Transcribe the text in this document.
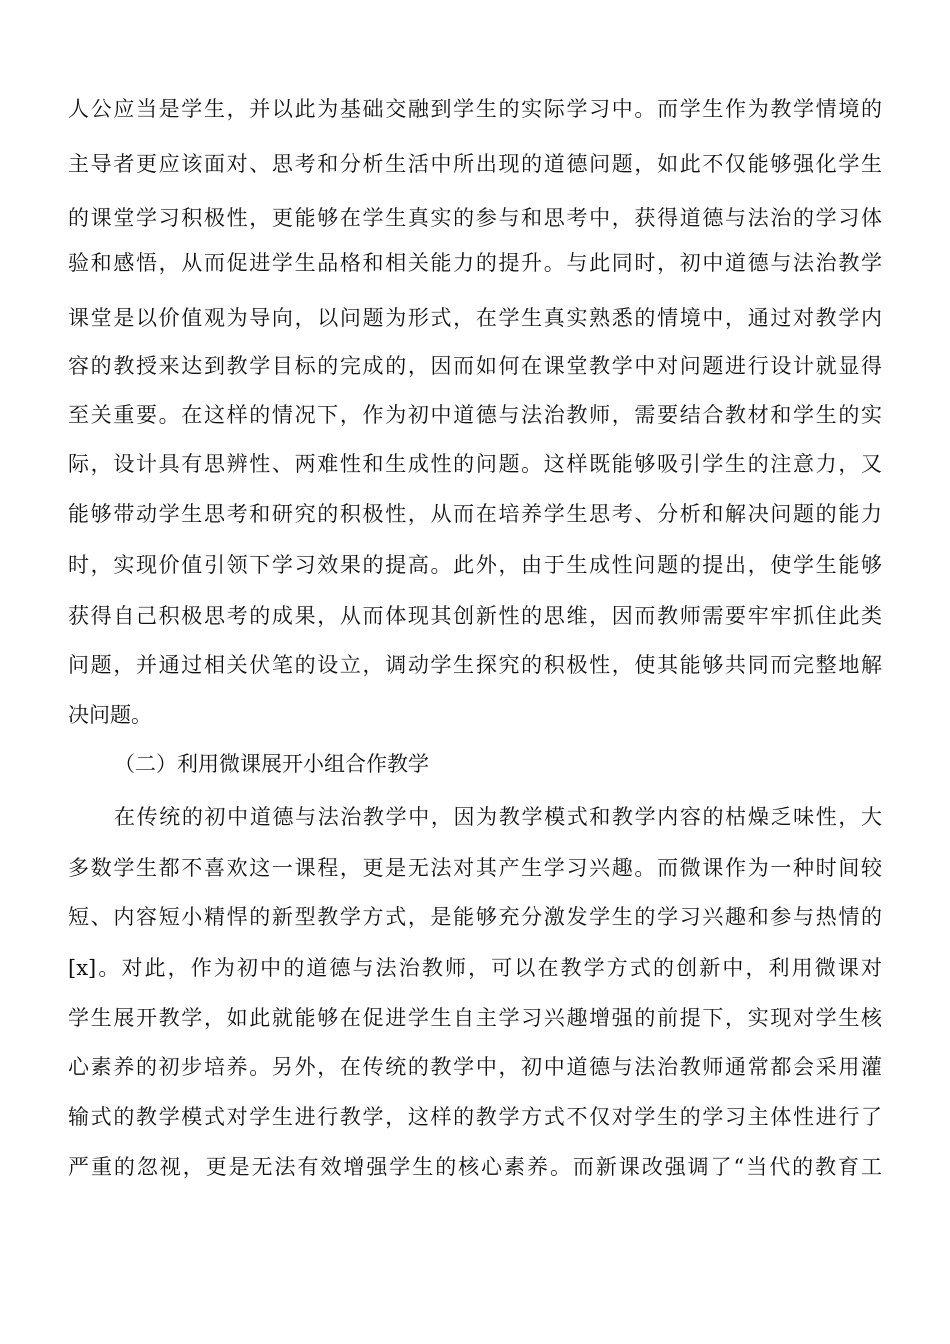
人公应当是学生，并以此为基础交融到学生的实际学习中。而学生作为教学情境的
主导者更应该面对、思考和分析生活中所出现的道德问题，如此不仅能够强化学生
的课堂学习积极性，更能够在学生真实的参与和思考中，获得道德与法治的学习体
验和感悟，从而促进学生品格和相关能力的提升。与此同时，初中道德与法治教学
课堂是以价值观为导向，以问题为形式，在学生真实熟悉的情境中，通过对教学内
容的教授来达到教学目标的完成的，因而如何在课堂教学中对问题进行设计就显得
至关重要。在这样的情况下，作为初中道德与法治教师，需要结合教材和学生的实
际，设计具有思辨性、两难性和生成性的问题。这样既能够吸引学生的注意力，又
能够带动学生思考和研究的积极性，从而在培养学生思考、分析和解决问题的能力
时，实现价值引领下学习效果的提高。此外，由于生成性问题的提出，使学生能够
获得自己积极思考的成果，从而体现其创新性的思维，因而教师需要牢牢抓住此类
问题，并通过相关伏笔的设立，调动学生探究的积极性，使其能够共同而完整地解
决问题。
（二）利用微课展开小组合作教学
在传统的初中道德与法治教学中，因为教学模式和教学内容的枯燥乏味性，大
多数学生都不喜欢这一课程，更是无法对其产生学习兴趣。而微课作为一种时间较
短、内容短小精悍的新型教学方式，是能够充分激发学生的学习兴趣和参与热情的
[x]。对此，作为初中的道德与法治教师，可以在教学方式的创新中，利用微课对
学生展开教学，如此就能够在促进学生自主学习兴趣增强的前提下，实现对学生核
心素养的初步培养。另外，在传统的教学中，初中道德与法治教师通常都会采用灌
输式的教学模式对学生进行教学，这样的教学方式不仅对学生的学习主体性进行了
严重的忽视，更是无法有效增强学生的核心素养。而新课改强调了“当代的教育工
